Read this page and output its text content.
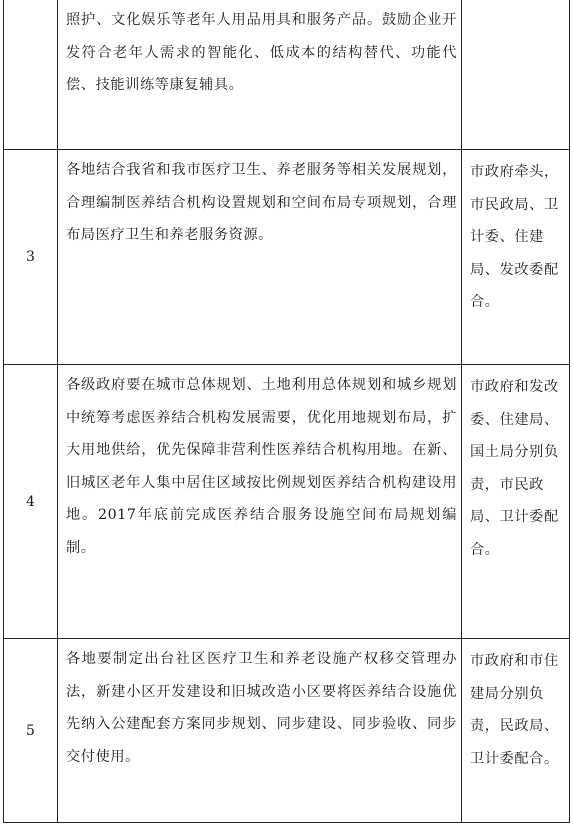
	照护、文化娱乐等老年人用品用具和服务产品。鼓励企业开发符合老年人需求的智能化、低成本的结构替代、功能代偿、技能训练等康复辅具。	
3	各地结合我省和我市医疗卫生、养老服务等相关发展规划，合理编制医养结合机构设置规划和空间布局专项规划，合理布局医疗卫生和养老服务资源。	市政府牵头，市民政局、卫计委、住建局、发改委配合。
4	各级政府要在城市总体规划、土地利用总体规划和城乡规划中统筹考虑医养结合机构发展需要，优化用地规划布局，扩大用地供给，优先保障非营利性医养结合机构用地。在新、旧城区老年人集中居住区域按比例规划医养结合机构建设用地。2017年底前完成医养结合服务设施空间布局规划编制。	市政府和发改委、住建局、国土局分别负责，市民政局、卫计委配合。
5	各地要制定出台社区医疗卫生和养老设施产权移交管理办法，新建小区开发建设和旧城改造小区要将医养结合设施优先纳入公建配套方案同步规划、同步建设、同步验收、同步交付使用。	市政府和市住建局分别负责，民政局、卫计委配合。
